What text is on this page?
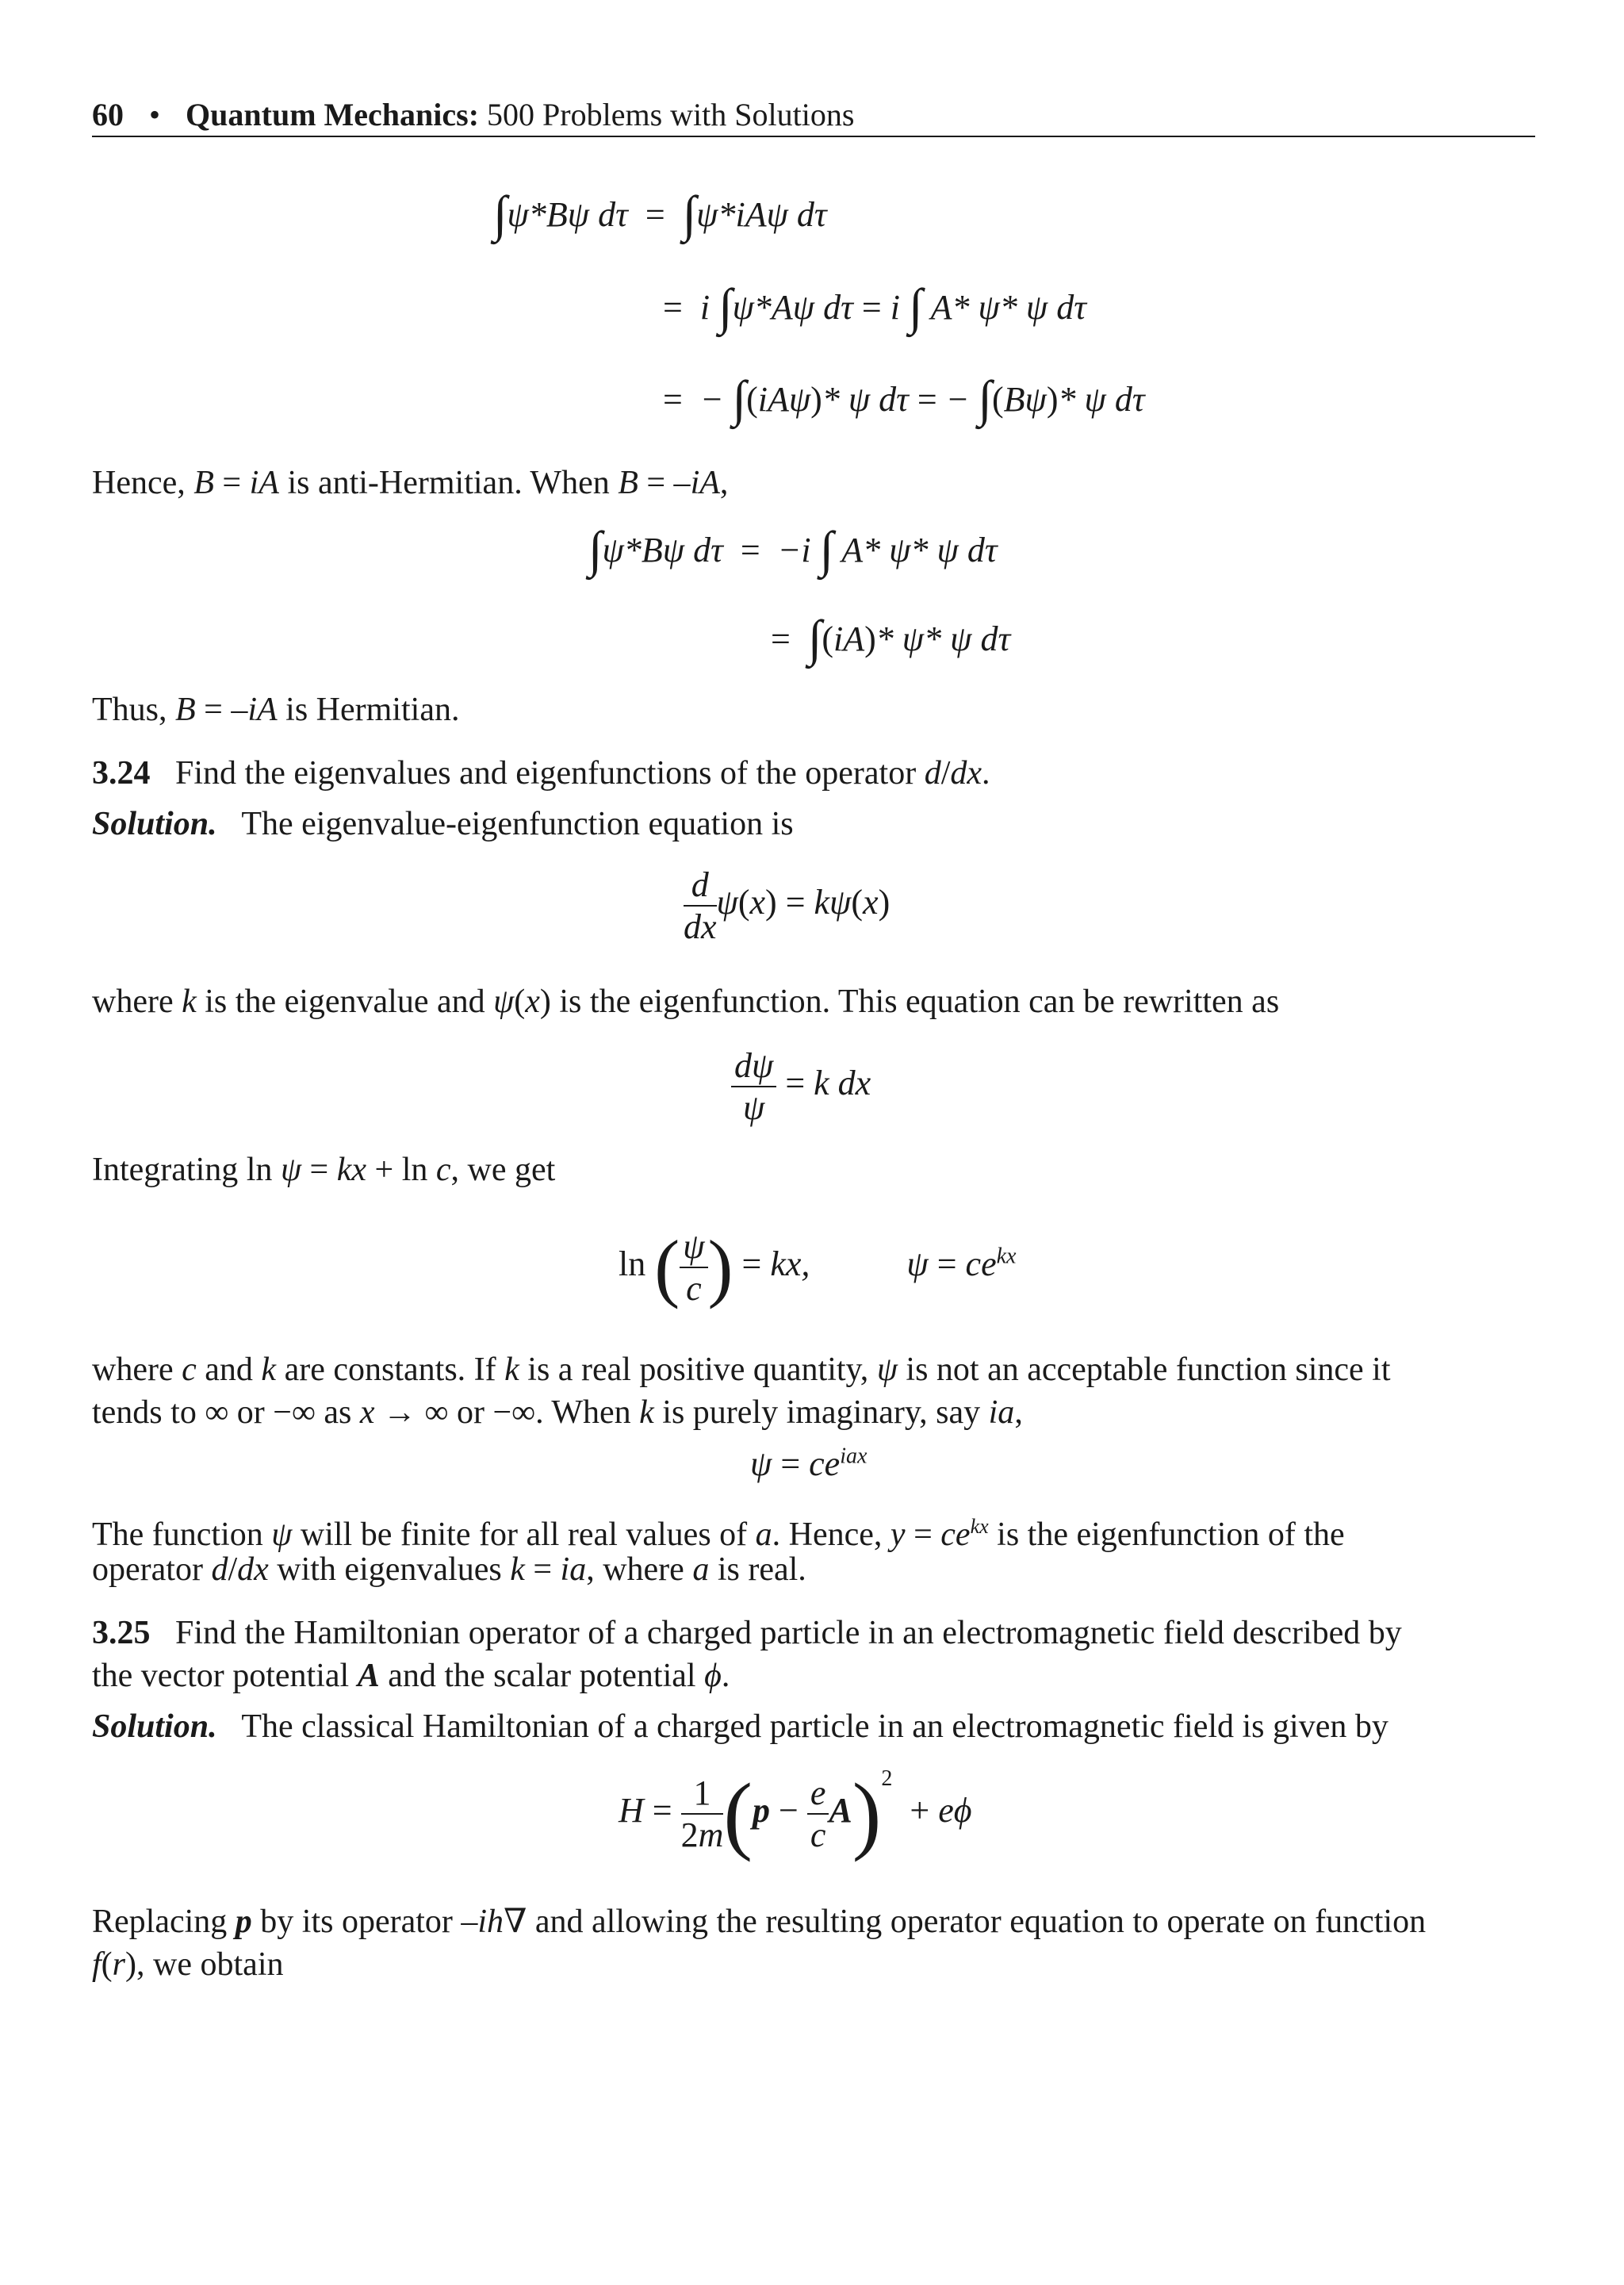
60 • Quantum Mechanics: 500 Problems with Solutions
∫ψ*Bψ dτ  = ∫ψ*iAψ dτ
=  i ∫ψ*Aψ dτ = i ∫ A* ψ* ψ dτ
=  − ∫(iAψ)* ψ dτ = − ∫(Bψ)* ψ dτ
Hence, B = iA is anti-Hermitian. When B = –iA,
∫ψ*Bψ dτ  =  −i ∫ A* ψ* ψ dτ
= ∫(iA)* ψ* ψ dτ
Thus, B = –iA is Hermitian.
3.24 Find the eigenvalues and eigenfunctions of the operator d/dx.
Solution. The eigenvalue-eigenfunction equation is
$\frac{d}{dx} \psi(x) = k\psi(x)$
where k is the eigenvalue and ψ(x) is the eigenfunction. This equation can be rewritten as
$\frac{d\psi}{\psi} = k$ dx
Integrating ln ψ = kx + ln c, we get
ln ( $\frac{\psi}{c}$ ) = kx,  $\psi = ce^{kx}$
where c and k are constants. If k is a real positive quantity, ψ is not an acceptable function since it
tends to ∞ or −∞ as x → ∞ or −∞. When k is purely imaginary, say ia,
$\psi = ce^{iax}$
The function ψ will be finite for all real values of a. Hence, $y = ce^{kx}$ is the eigenfunction of the
operator d/dx with eigenvalues k = ia, where a is real.
3.25 Find the Hamiltonian operator of a charged particle in an electromagnetic field described by
the vector potential A and the scalar potential ϕ.
Solution. The classical Hamiltonian of a charged particle in an electromagnetic field is given by
$H = \frac{1}{2m} (p - \frac{e}{c} A)^2 + e\phi$
Replacing p by its operator –ih∇ and allowing the resulting operator equation to operate on function
f(r), we obtain
